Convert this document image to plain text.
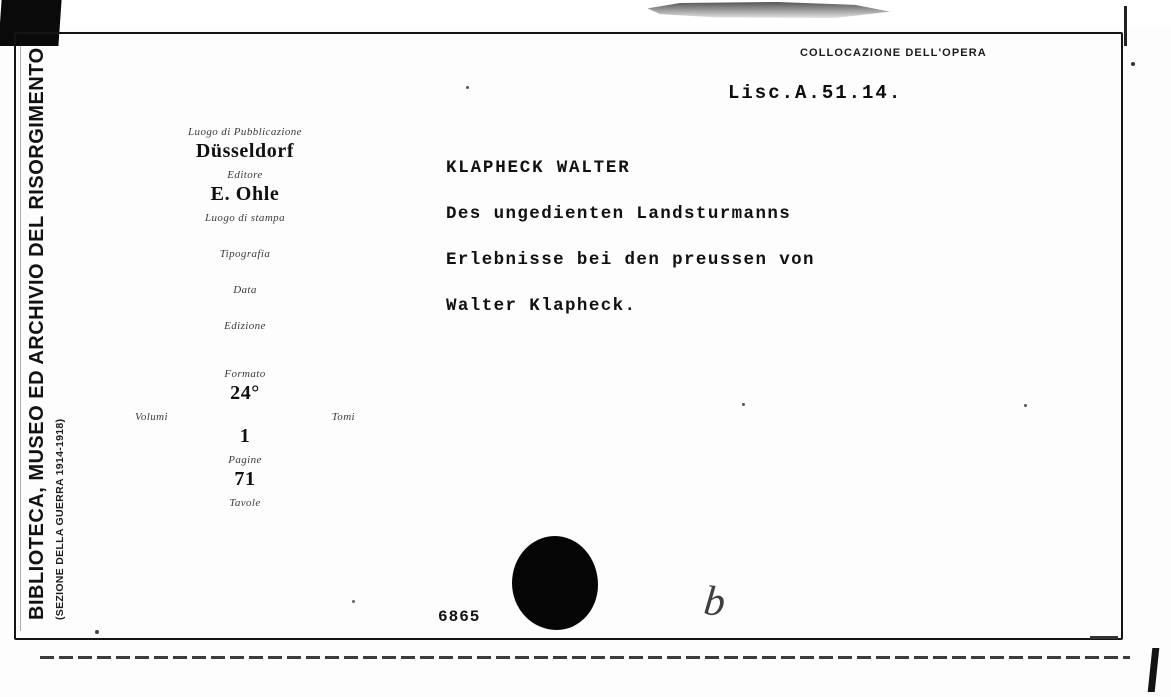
BIBLIOTECA, MUSEO ED ARCHIVIO DEL RISORGIMENTO (SEZIONE DELLA GUERRA 1914-1918)
Luogo di Pubblicazione
Düsseldorf
Editore
E. Ohle
Luogo di stampa
Tipografia
Data
Edizione
Formato
24°
Volumi	Tomi
1
Pagine
71
Tavole
COLLOCAZIONE DELL'OPERA
Lisc.A.51.14.
KLAPHECK WALTER
Des ungedienten Landsturmanns
Erlebnisse bei den preussen von
Walter Klapheck.
6865	b
